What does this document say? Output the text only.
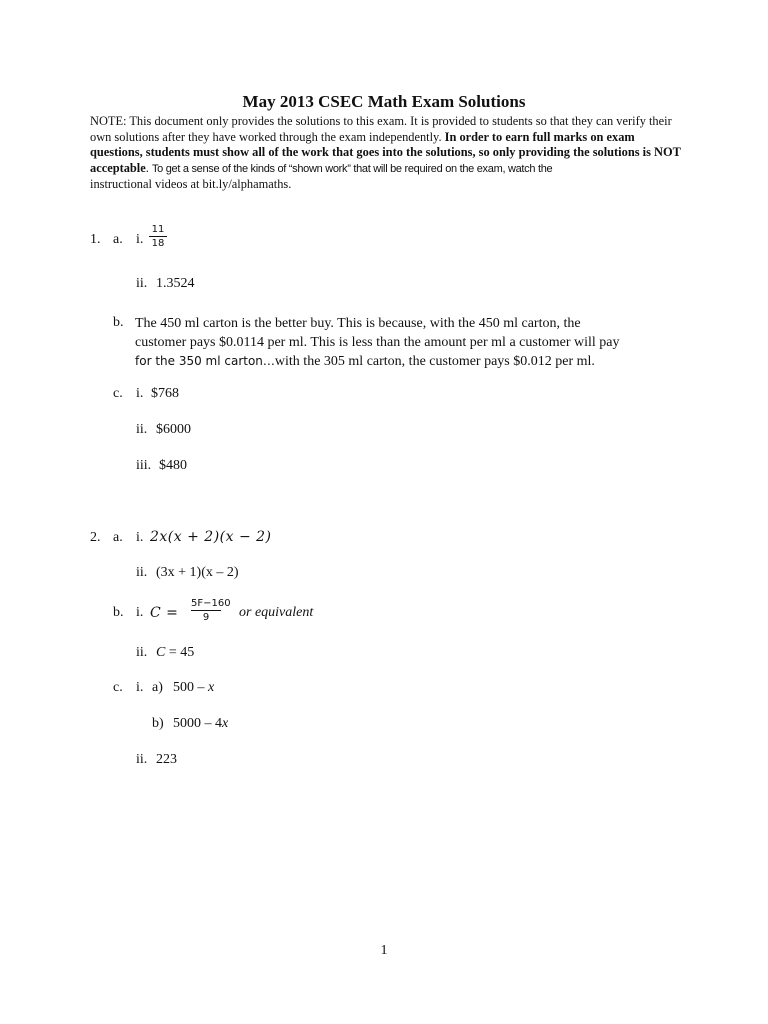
May 2013 CSEC Math Exam Solutions
NOTE: This document only provides the solutions to this exam. It is provided to students so that they can verify their own solutions after they have worked through the exam independently. In order to earn full marks on exam questions, students must show all of the work that goes into the solutions, so only providing the solutions is NOT acceptable. To get a sense of the kinds of “shown work” that will be required on the exam, watch the
instructional videos at bit.ly/alphamaths.
1. a. i.
11
18
ii. 1.3524
b. The 450 ml carton is the better buy. This is because, with the 450 ml carton, the
customer pays $0.0114 per ml. This is less than the amount per ml a customer will pay
for the 350 ml carton…with the 305 ml carton, the customer pays $0.012 per ml.
c. i. $768
ii. $6000
iii. $480
2. a. i. 2x(x + 2)(x − 2)
ii. (3x + 1)(x – 2)
b. i. C =
5F−160
9	or equivalent
ii. C = 45
c. i. a) 500 – x
b) 5000 – 4x
ii. 223
1
